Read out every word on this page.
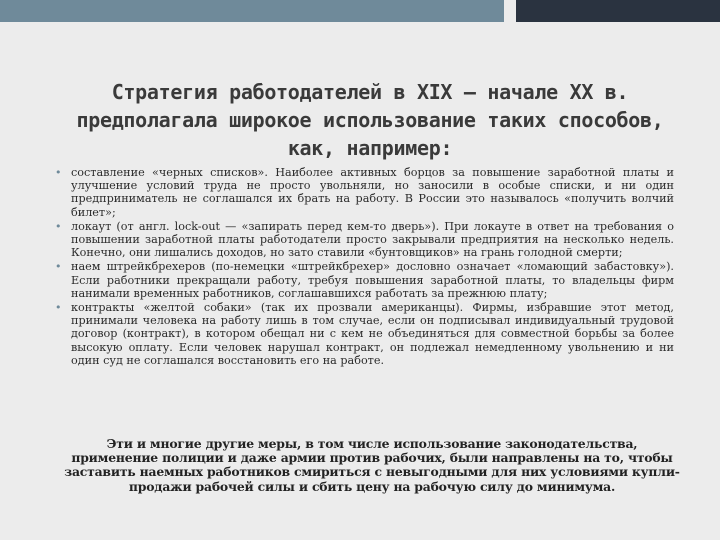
Стратегия работодателей в XIX — начале XX в. предполагала широкое использование таких способов, как, например:
• составление «черных списков». Наиболее активных борцов за повышение заработной платы и улучшение условий труда не просто увольняли, но заносили в особые списки, и ни один предприниматель не соглашался их брать на работу. В России это называлось «получить волчий билет»;
• локаут (от англ. lock-out — «запирать перед кем-то дверь»). При локауте в ответ на требования о повышении заработной платы работодатели просто закрывали предприятия на несколько недель. Конечно, они лишались доходов, но зато ставили «бунтовщиков» на грань голодной смерти;
• наем штрейкбрехеров (по-немецки «штрейкбрехер» дословно означает «ломающий забастовку»). Если работники прекращали работу, требуя повышения заработной платы, то владельцы фирм нанимали временных работников, соглашавшихся работать за прежнюю плату;
• контракты «желтой собаки» (так их прозвали американцы). Фирмы, избравшие этот метод, принимали человека на работу лишь в том случае, если он подписывал индивидуальный трудовой договор (контракт), в котором обещал ни с кем не объединяться для совместной борьбы за более высокую оплату. Если человек нарушал контракт, он подлежал немедленному увольнению и ни один суд не соглашался восстановить его на работе.

Эти и многие другие меры, в том числе использование законодательства, применение полиции и даже армии против рабочих, были направлены на то, чтобы заставить наемных работников смириться с невыгодными для них условиями купли-продажи рабочей силы и сбить цену на рабочую силу до минимума.
